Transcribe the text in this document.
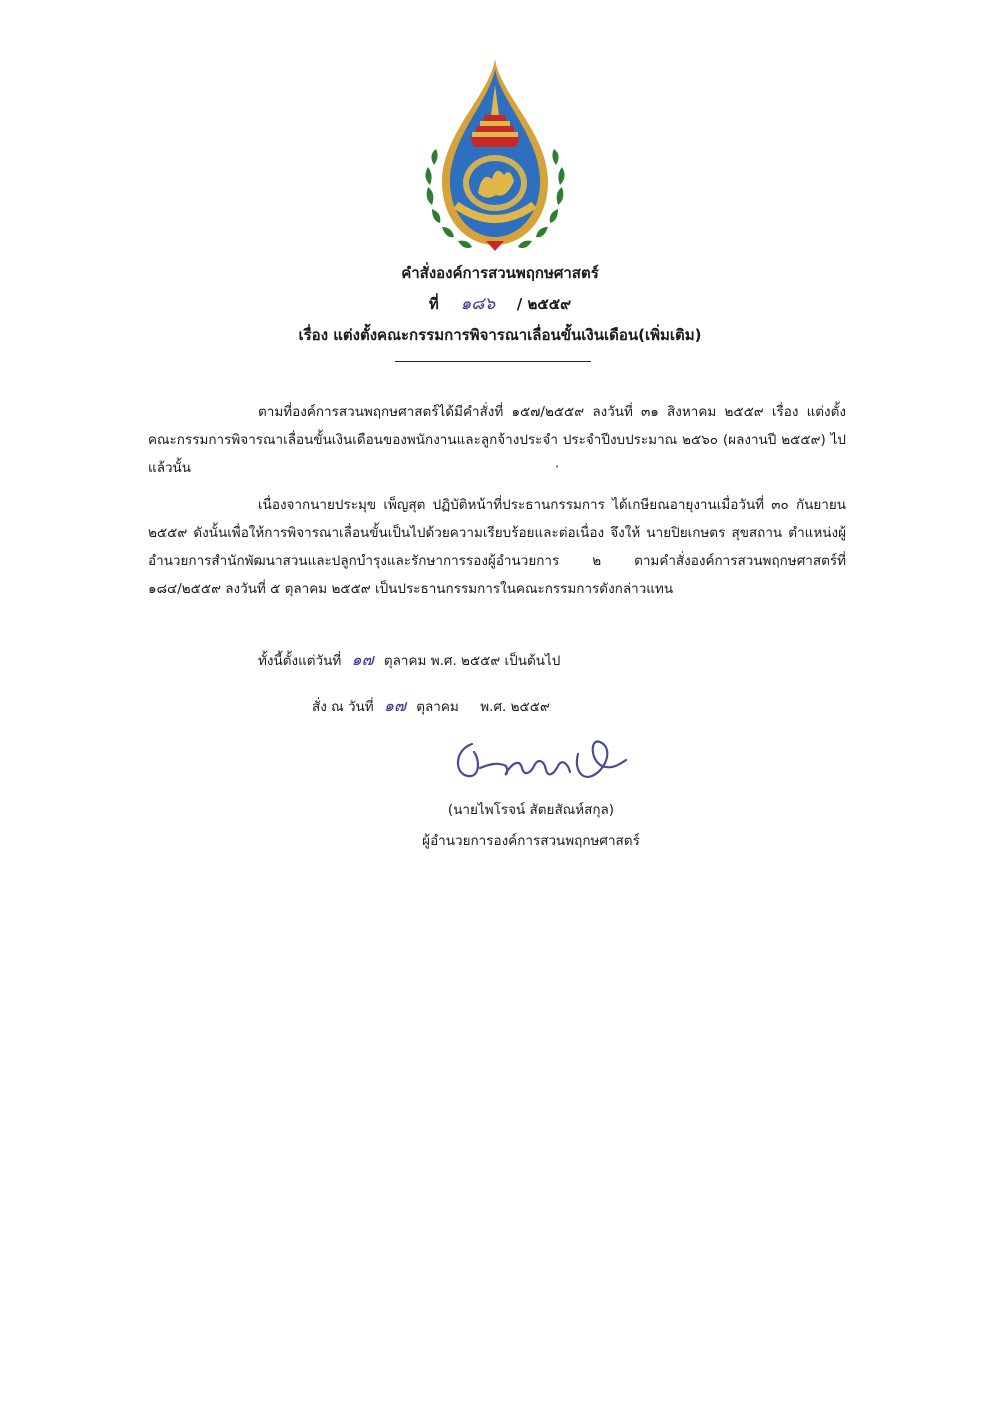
คำสั่งองค์การสวนพฤกษศาสตร์
ที่	๑๘๖	/ ๒๕๕๙
เรื่อง แต่งตั้งคณะกรรมการพิจารณาเลื่อนขั้นเงินเดือน(เพิ่มเติม)

ตามที่องค์การสวนพฤกษศาสตร์ได้มีคำสั่งที่ ๑๕๗/๒๕๕๙ ลงวันที่ ๓๑ สิงหาคม ๒๕๕๙ เรื่อง แต่งตั้งคณะกรรมการพิจารณาเลื่อนขั้นเงินเดือนของพนักงานและลูกจ้างประจำ ประจำปีงบประมาณ ๒๕๖๐ (ผลงานปี ๒๕๕๙) ไปแล้วนั้น

เนื่องจากนายประมุข เพ็ญสุต ปฏิบัติหน้าที่ประธานกรรมการ ได้เกษียณอายุงานเมื่อวันที่ ๓๐ กันยายน ๒๕๕๙ ดังนั้นเพื่อให้การพิจารณาเลื่อนขั้นเป็นไปด้วยความเรียบร้อยและต่อเนื่อง จึงให้ นายปิยเกษตร สุขสถาน ตำแหน่งผู้อำนวยการสำนักพัฒนาสวนและปลูกบำรุงและรักษาการรองผู้อำนวยการ ๒ ตามคำสั่งองค์การสวนพฤกษศาสตร์ที่ ๑๘๔/๒๕๕๙ ลงวันที่ ๕ ตุลาคม ๒๕๕๙ เป็นประธานกรรมการในคณะกรรมการดังกล่าวแทน

ทั้งนี้ตั้งแต่วันที่ ๑๗ ตุลาคม พ.ศ. ๒๕๕๙ เป็นต้นไป
สั่ง ณ วันที่ ๑๗ ตุลาคม พ.ศ. ๒๕๕๙
(นายไพโรจน์ สัตยสัณห์สกุล)
ผู้อำนวยการองค์การสวนพฤกษศาสตร์
